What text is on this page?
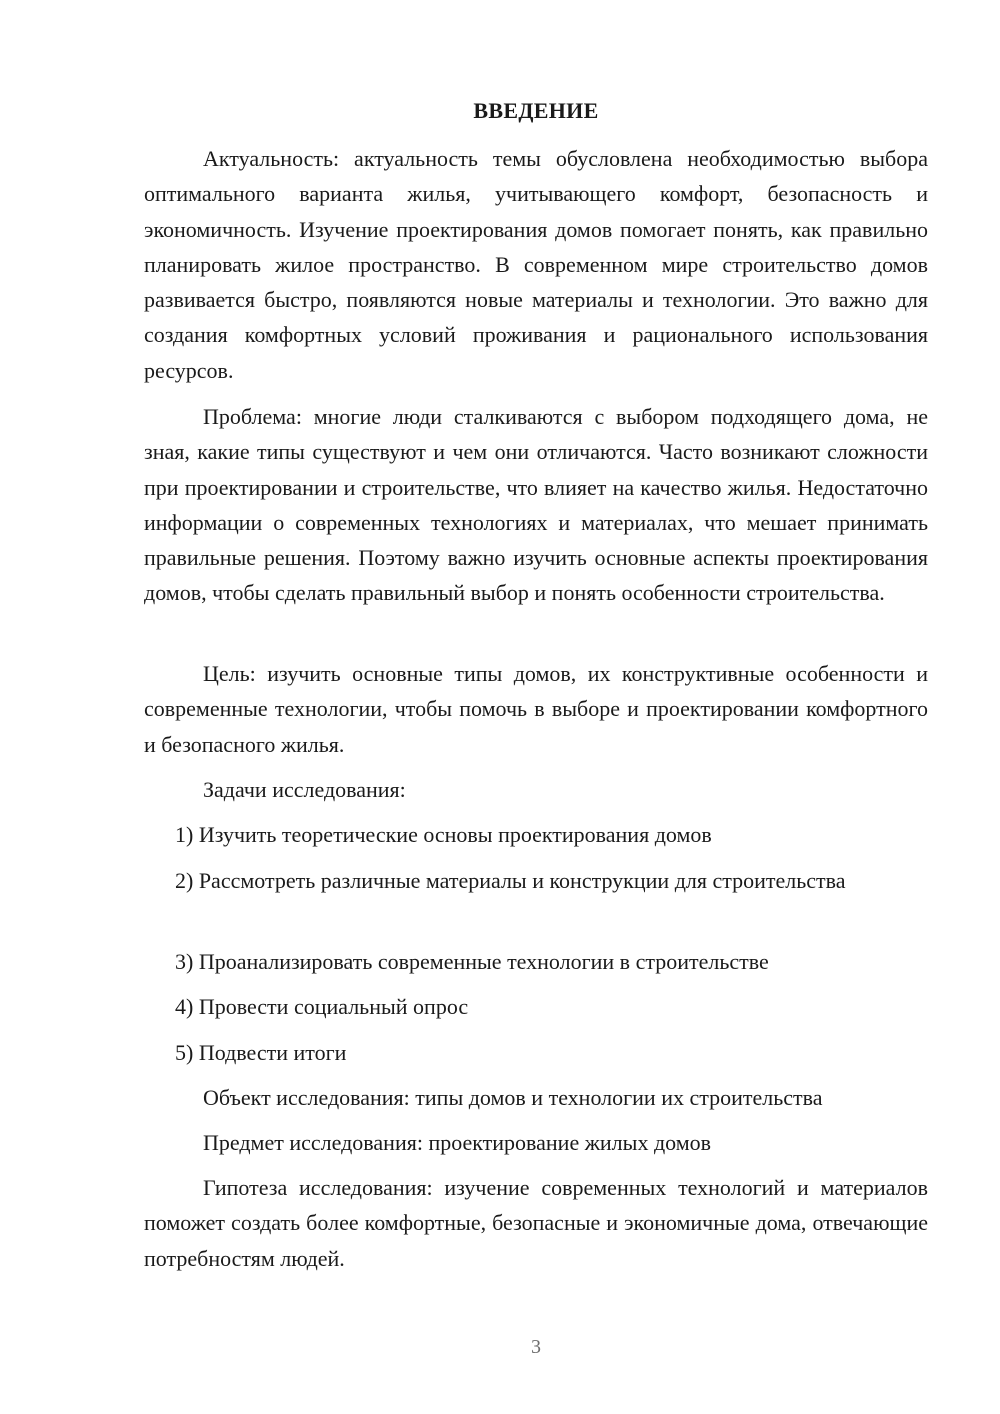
ВВЕДЕНИЕ

Актуальность: актуальность темы обусловлена необходимостью выбора оптимального варианта жилья, учитывающего комфорт, безопасность и экономичность. Изучение проектирования домов помогает понять, как правильно планировать жилое пространство. В современном мире строительство домов развивается быстро, появляются новые материалы и технологии. Это важно для создания комфортных условий проживания и рационального использования ресурсов.

Проблема: многие люди сталкиваются с выбором подходящего дома, не зная, какие типы существуют и чем они отличаются. Часто возникают сложности при проектировании и строительстве, что влияет на качество жилья. Недостаточно информации о современных технологиях и материалах, что мешает принимать правильные решения. Поэтому важно изучить основные аспекты проектирования домов, чтобы сделать правильный выбор и понять особенности строительства.

Цель: изучить основные типы домов, их конструктивные особенности и современные технологии, чтобы помочь в выборе и проектировании комфортного и безопасного жилья.

Задачи исследования:

1) Изучить теоретические основы проектирования домов

2) Рассмотреть различные материалы и конструкции для строительства

3) Проанализировать современные технологии в строительстве

4) Провести социальный опрос

5) Подвести итоги

Объект исследования: типы домов и технологии их строительства

Предмет исследования: проектирование жилых домов

Гипотеза исследования: изучение современных технологий и материалов поможет создать более комфортные, безопасные и экономичные дома, отвечающие потребностям людей.

3
